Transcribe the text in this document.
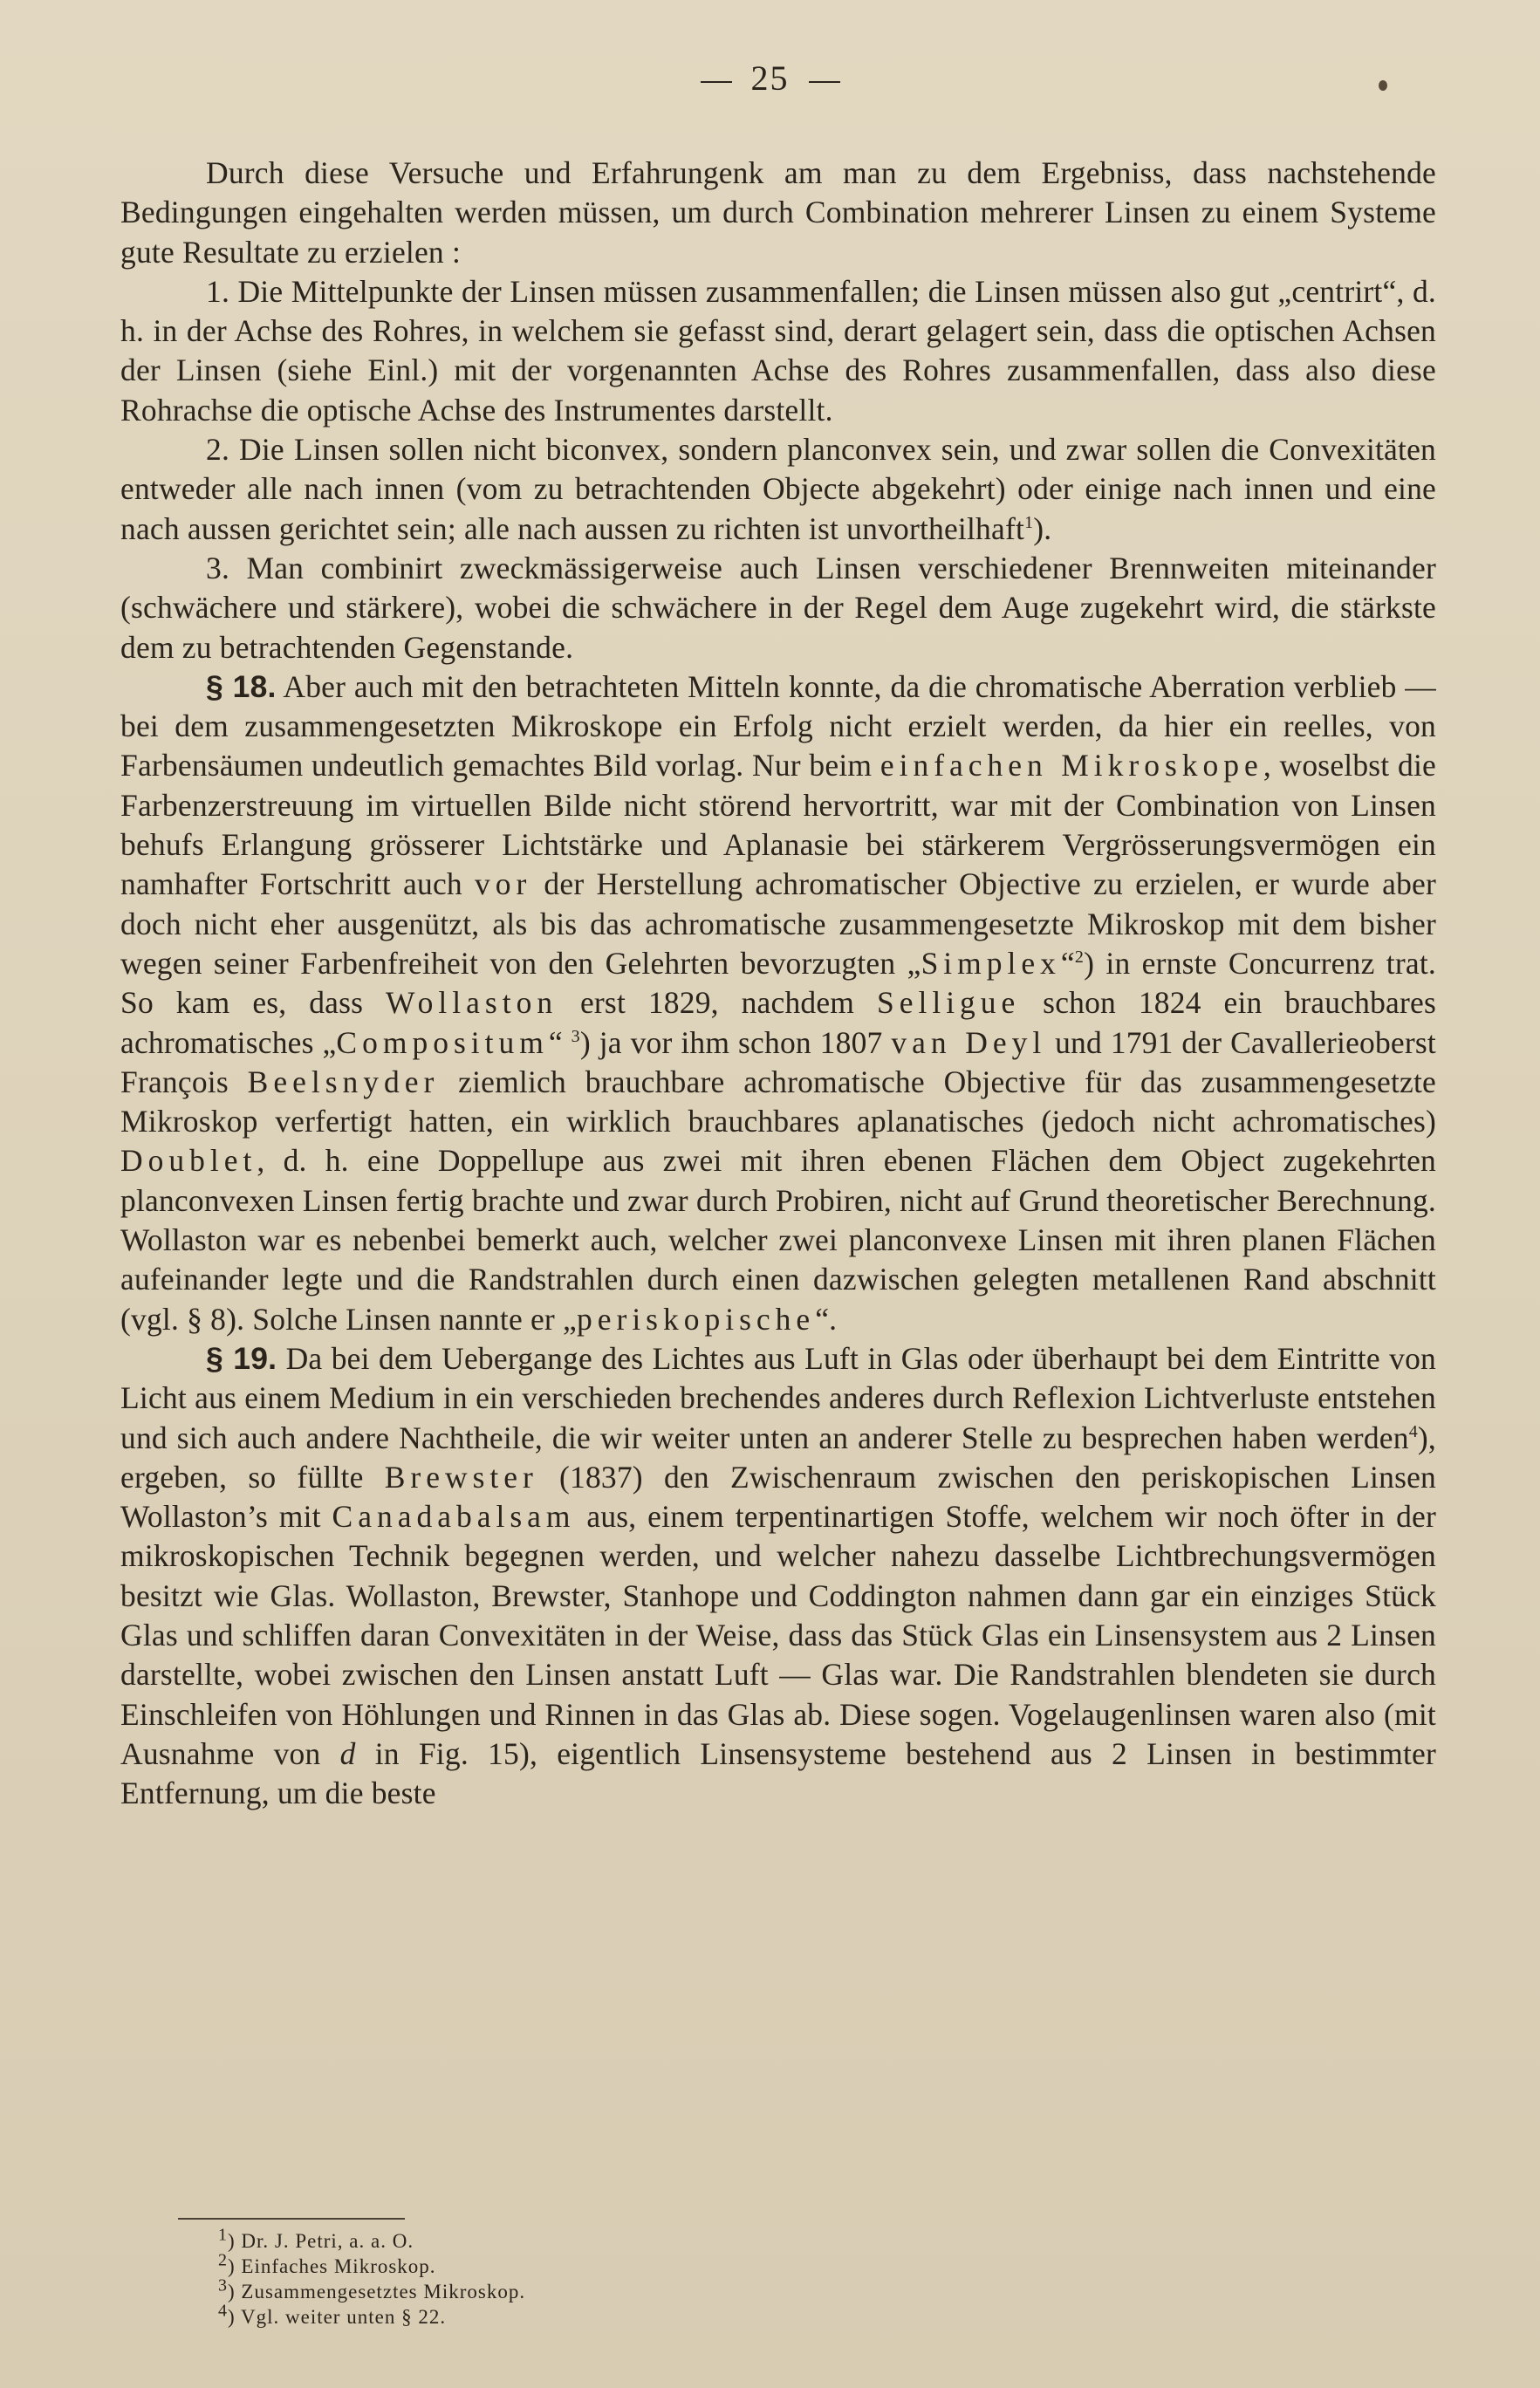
25

Durch diese Versuche und Erfahrungenk am man zu dem Ergebniss, dass nachstehende Bedingungen eingehalten werden müssen, um durch Combination mehrerer Linsen zu einem Systeme gute Resultate zu erzielen :

1. Die Mittelpunkte der Linsen müssen zusammenfallen; die Linsen müssen also gut „centrirt“, d. h. in der Achse des Rohres, in welchem sie gefasst sind, derart gelagert sein, dass die optischen Achsen der Linsen (siehe Einl.) mit der vorgenannten Achse des Rohres zusammenfallen, dass also diese Rohrachse die optische Achse des Instrumentes darstellt.

2. Die Linsen sollen nicht biconvex, sondern planconvex sein, und zwar sollen die Convexitäten entweder alle nach innen (vom zu betrachtenden Objecte abgekehrt) oder einige nach innen und eine nach aussen gerichtet sein; alle nach aussen zu richten ist unvortheilhaft$^1$).

3. Man combinirt zweckmässigerweise auch Linsen verschiedener Brennweiten miteinander (schwächere und stärkere), wobei die schwächere in der Regel dem Auge zugekehrt wird, die stärkste dem zu betrachtenden Gegenstande.

§ 18. Aber auch mit den betrachteten Mitteln konnte, da die chromatische Aberration verblieb — bei dem zusammengesetzten Mikroskope ein Erfolg nicht erzielt werden, da hier ein reelles, von Farbensäumen undeutlich gemachtes Bild vorlag. Nur beim einfachen Mikroskope, woselbst die Farbenzerstreuung im virtuellen Bilde nicht störend hervortritt, war mit der Combination von Linsen behufs Erlangung grösserer Lichtstärke und Aplanasie bei stärkerem Vergrösserungsvermögen ein namhafter Fortschritt auch vor der Herstellung achromatischer Objective zu erzielen, er wurde aber doch nicht eher ausgenützt, als bis das achromatische zusammengesetzte Mikroskop mit dem bisher wegen seiner Farbenfreiheit von den Gelehrten bevorzugten „Simplex“$^2$) in ernste Concurrenz trat. So kam es, dass Wollaston erst 1829, nachdem Selligue schon 1824 ein brauchbares achromatisches „Compositum“ $^3$) ja vor ihm schon 1807 van Deyl und 1791 der Cavallerieoberst François Beelsnyder ziemlich brauchbare achromatische Objective für das zusammengesetzte Mikroskop verfertigt hatten, ein wirklich brauchbares aplanatisches (jedoch nicht achromatisches) Doublet, d. h. eine Doppellupe aus zwei mit ihren ebenen Flächen dem Object zugekehrten planconvexen Linsen fertig brachte und zwar durch Probiren, nicht auf Grund theoretischer Berechnung. Wollaston war es nebenbei bemerkt auch, welcher zwei planconvexe Linsen mit ihren planen Flächen aufeinander legte und die Randstrahlen durch einen dazwischen gelegten metallenen Rand abschnitt (vgl. § 8). Solche Linsen nannte er „periskopische“.

§ 19. Da bei dem Uebergange des Lichtes aus Luft in Glas oder überhaupt bei dem Eintritte von Licht aus einem Medium in ein verschieden brechendes anderes durch Reflexion Lichtverluste entstehen und sich auch andere Nachtheile, die wir weiter unten an anderer Stelle zu besprechen haben werden$^4$), ergeben, so füllte Brewster (1837) den Zwischenraum zwischen den periskopischen Linsen Wollaston’s mit Canadabalsam aus, einem terpentinartigen Stoffe, welchem wir noch öfter in der mikroskopischen Technik begegnen werden, und welcher nahezu dasselbe Lichtbrechungsvermögen besitzt wie Glas. Wollaston, Brewster, Stanhope und Coddington nahmen dann gar ein einziges Stück Glas und schliffen daran Convexitäten in der Weise, dass das Stück Glas ein Linsensystem aus 2 Linsen darstellte, wobei zwischen den Linsen anstatt Luft — Glas war. Die Randstrahlen blendeten sie durch Einschleifen von Höhlungen und Rinnen in das Glas ab. Diese sogen. Vogelaugenlinsen waren also (mit Ausnahme von d in Fig. 15), eigentlich Linsensysteme bestehend aus 2 Linsen in bestimmter Entfernung, um die beste

$^1$) Dr. J. Petri, a. a. O.
$^2$) Einfaches Mikroskop.
$^3$) Zusammengesetztes Mikroskop.
$^4$) Vgl. weiter unten § 22.
